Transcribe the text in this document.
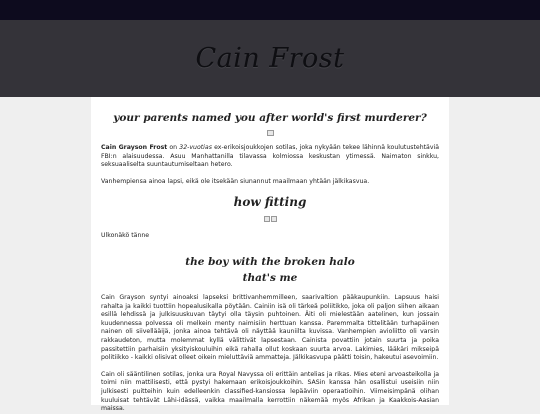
Cain Frost
your parents named you after world's first murderer?

Cain Grayson Frost on 32-vuotias ex-erikoisjoukkojen sotilas, joka nykyään tekee lähinnä koulutustehtäviä FBI:n alaisuudessa. Asuu Manhattanilla tilavassa kolmiossa keskustan ytimessä. Naimaton sinkku, seksuaaliselta suuntautumiseltaan hetero.

Vanhempiensa ainoa lapsi, eikä ole itsekään siunannut maailmaan yhtään jälkikasvua.

how fitting

Ulkonäkö tänne

the boy with the broken halo
that's me

Cain Grayson syntyi ainoaksi lapseksi brittivanhemmilleen, saarivaltion pääkaupunkiin. Lapsuus haisi rahalta ja kaikki tuottiin hopealusikalla pöytään. Cainiin isä oli tärkeä poliitikko, joka oli paljon siihen aikaan esillä lehdissä ja julkisuuskuvan täytyi olla täysin puhtoinen. Äiti oli mielestään aatelinen, kun jossain kuudennessa polvessa oli melkein menty naimisiin herttuan kanssa. Paremmalta tittelitään turhapäinen nainen oli siivellääijä, jonka ainoa tehtävä oli näyttää kauniilta kuvissa. Vanhempien avioliitto oli varsin rakkaudeton, mutta molemmat kyllä välittivät lapsestaan. Cainista povattiin jotain suurta ja poika passitettiin parhaisiin yksityiskouluihin eikä rahalla ollut koskaan suurta arvoa. Lakimies, lääkäri mikseipä politiikko - kaikki olisivat olleet oikein mieluttäviä ammatteja. Jälkikasvupa päätti toisin, hakeutui asevoimiin.

Cain oli sääntilinen sotilas, jonka ura Royal Navyssa oli erittäin antelias ja rikas. Mies eteni arvoasteikolla ja toimi niin mattilisesti, että pystyi hakemaan erikoisjoukkoihin. SASin kanssa hän osallistui useisiin niin julkisesti puitteihin kuin edelleenkin classified-kansiossa lepääviin operaatioihin. Viimeisimpänä olihan kuuluisat tehtävät Lähi-idässä, vaikka maailmalla kerrottiin näkemää myös Afrikan ja Kaakkois-Aasian maissa.
